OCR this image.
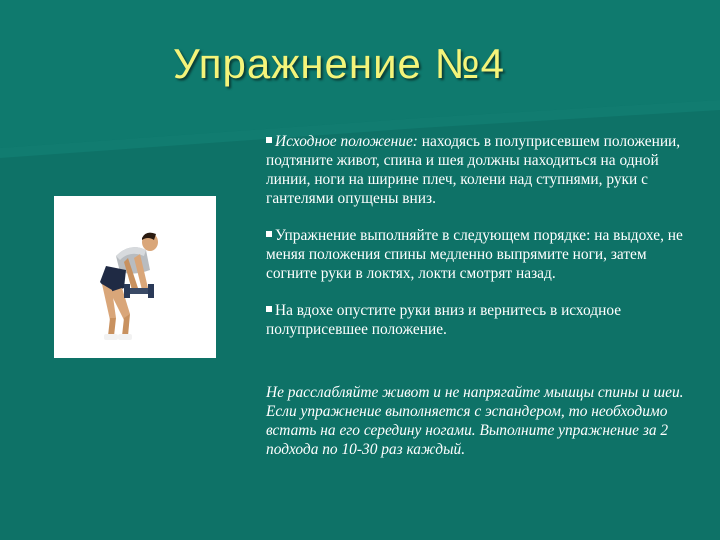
Упражнение №4

Исходное положение: находясь в полуприсевшем положении, подтяните живот, спина и шея должны находиться на одной линии, ноги на ширине плеч, колени над ступнями, руки с гантелями опущены вниз.

Упражнение выполняйте в следующем порядке: на выдохе, не меняя положения спины медленно выпрямите ноги, затем согните руки в локтях, локти смотрят назад.

На вдохе опустите руки вниз и вернитесь в исходное полуприсевшее положение.

Не расслабляйте живот и не напрягайте мышцы спины и шеи. Если упражнение выполняется с эспандером, то необходимо встать на его середину ногами. Выполните упражнение за 2 подхода по 10-30 раз каждый.
